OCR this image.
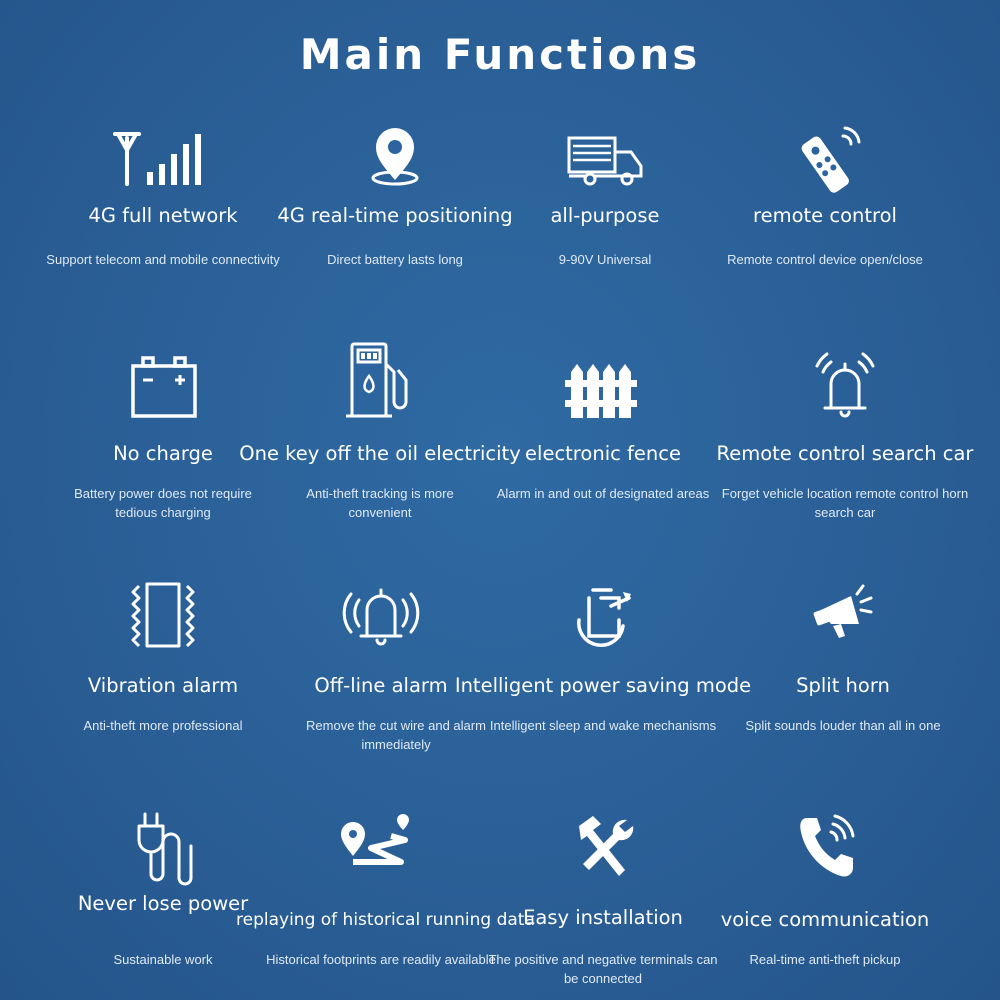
Main Functions
4G full network
Support telecom and mobile connectivity
4G real-time positioning
Direct battery lasts long
all-purpose
9-90V Universal
remote control
Remote control device open/close
No charge
Battery power does not require tedious charging
One key off the oil electricity
Anti-theft tracking is more convenient
electronic fence
Alarm in and out of designated areas
Remote control search car
Forget vehicle location remote control horn search car
Vibration alarm
Anti-theft more professional
Off-line alarm
Remove the cut wire and alarm immediately
Intelligent power saving mode
Intelligent sleep and wake mechanisms
Split horn
Split sounds louder than all in one
Never lose power
Sustainable work
replaying of historical running data
Historical footprints are readily available
Easy installation
The positive and negative terminals can be connected
voice communication
Real-time anti-theft pickup
